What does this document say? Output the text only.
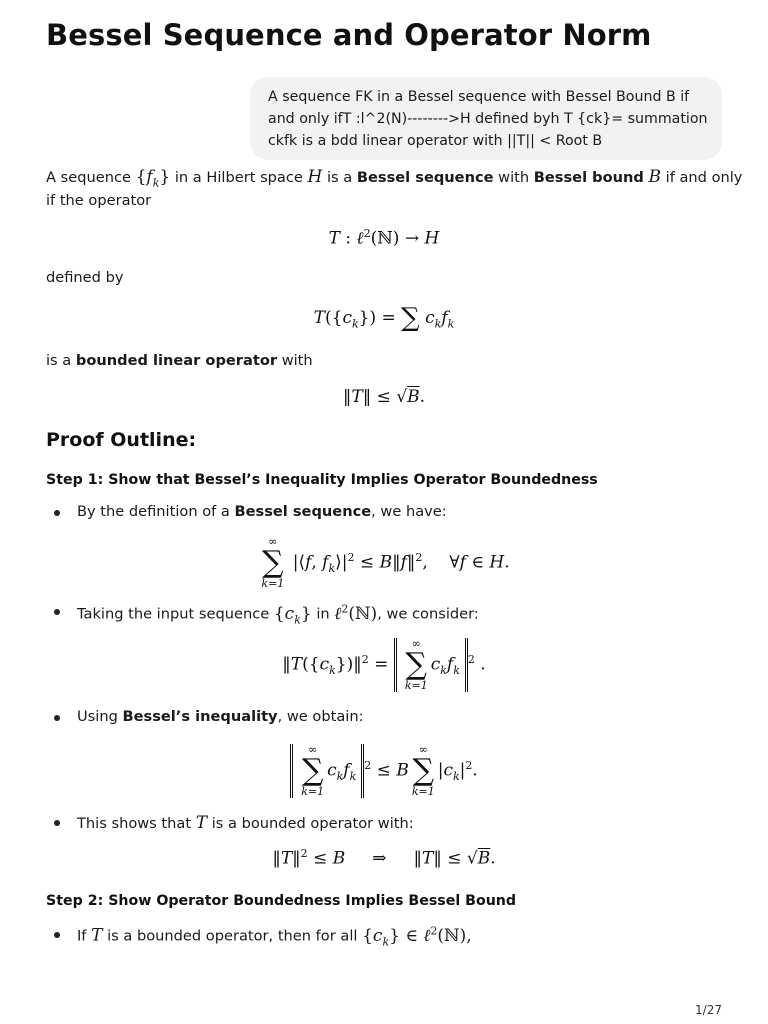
Bessel Sequence and Operator Norm
A sequence FK in a Bessel sequence with Bessel Bound B if
and only ifT :l^2(N)-------->H defined byh T {ck}= summation
ckfk is a bdd linear operator with ||T|| < Root B
A sequence $\{f_k\}$ in a Hilbert space H is a Bessel sequence with Bessel bound B if and only
if the operator
T : ℓ$^2$(ℕ) → H
defined by
$T(\{c_k\})$ = ∑ $c_kf_k$
is a bounded linear operator with
‖T‖ ≤ √B.
Proof Outline:
Step 1: Show that Bessel’s Inequality Implies Operator Boundedness
By the definition of a Bessel sequence, we have:
∞
∑
k=1
|⟨f, $f_k⟩|^2$ ≤ B‖f‖$^2$,    ∀f ∈ H.
Taking the input sequence $\{c_k\}$ in ℓ$^2$(ℕ), we consider:
$‖T(\{c_k\})‖^2$ =
∞
∑
k=1
$c_kf_k^2$ .
Using Bessel’s inequality, we obtain:
∞
∑
k=1
$c_kf_k^2 \le B$
∞
∑
k=1
$|c_k|^2$.
This shows that T is a bounded operator with:
‖T‖$^2$ ≤ B     ⇒     ‖T‖ ≤ √B.
Step 2: Show Operator Boundedness Implies Bessel Bound
If T is a bounded operator, then for all $\{c_k\}$ ∈ ℓ$^2$(ℕ),
1/27
